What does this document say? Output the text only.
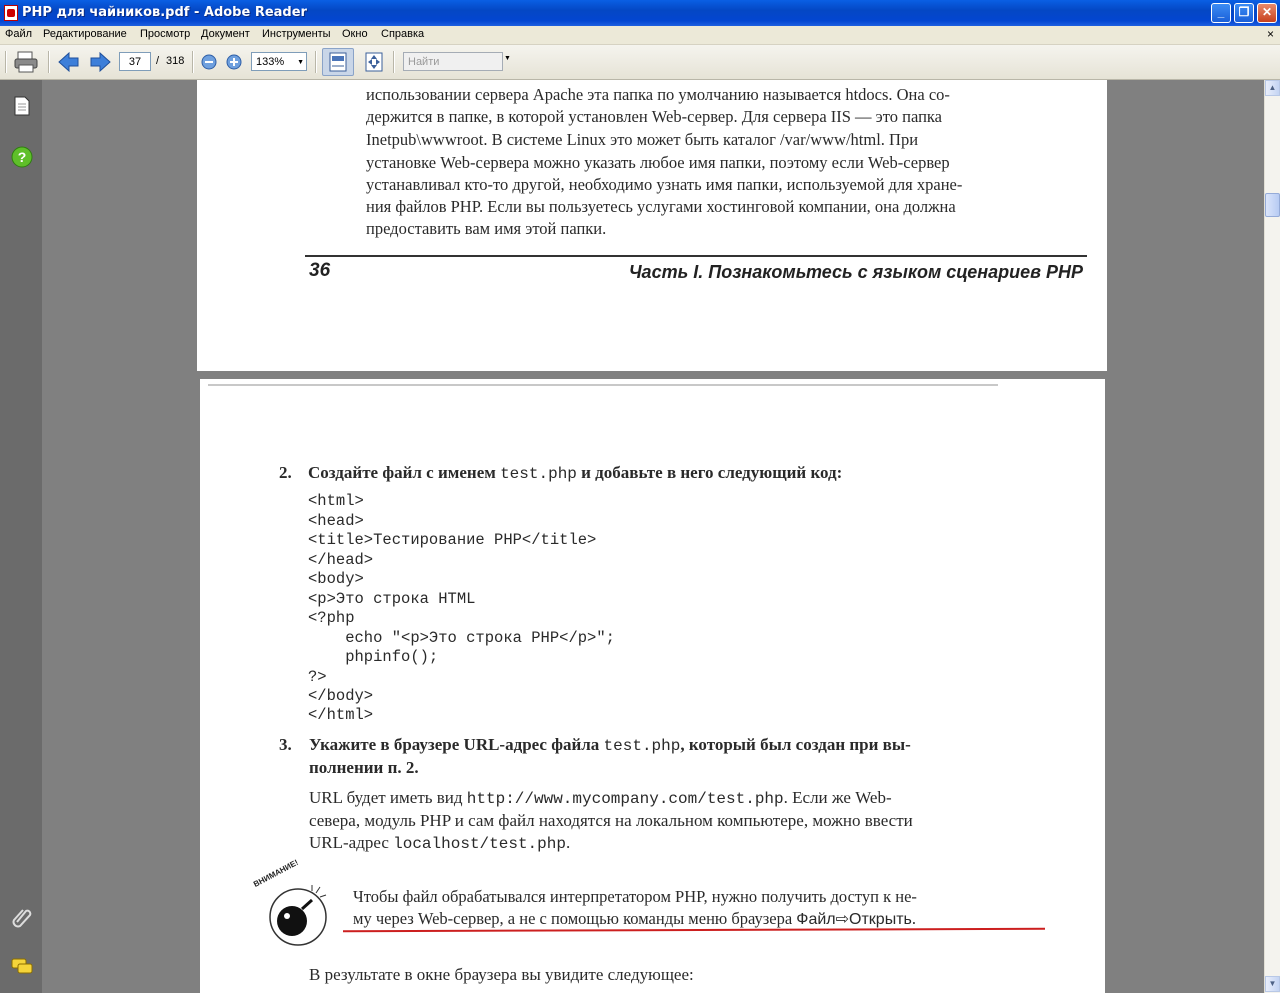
PHP для чайников.pdf - Adobe Reader	_	❐	✕
Файл Редактирование Просмотр Документ Инструменты Окно Справка	×
37	/ 318	133% ▼	Найти	▼
?
▲
▼
использовании сервера Apache эта папка по умолчанию называется htdocs. Она со-
держится в папке, в которой установлен Web-сервер. Для сервера IIS — это папка
Inetpub\wwwroot. В системе Linux это может быть каталог /var/www/html. При
установке Web-сервера можно указать любое имя папки, поэтому если Web-сервер
устанавливал кто-то другой, необходимо узнать имя папки, используемой для хране-
ния файлов PHP. Если вы пользуетесь услугами хостинговой компании, она должна
предоставить вам имя этой папки.
36	Часть I. Познакомьтесь с языком сценариев PHP
2. Создайте файл с именем test.php и добавьте в него следующий код:
<html>
<head>
<title>Тестирование PHP</title>
</head>
<body>
<p>Это строка HTML
<?php
echo "<p>Это строка PHP</p>";
phpinfo();
?>
</body>
</html>
3. Укажите в браузере URL-адрес файла test.php, который был создан при вы-
полнении п. 2.
URL будет иметь вид http://www.mycompany.com/test.php. Если же Web-
севера, модуль PHP и сам файл находятся на локальном компьютере, можно ввести
URL-адрес localhost/test.php.
ВНИМАНИЕ!
Чтобы файл обрабатывался интерпретатором PHP, нужно получить доступ к не-
му через Web-сервер, а не с помощью команды меню браузера Файл⇨Открыть.
В результате в окне браузера вы увидите следующее:
